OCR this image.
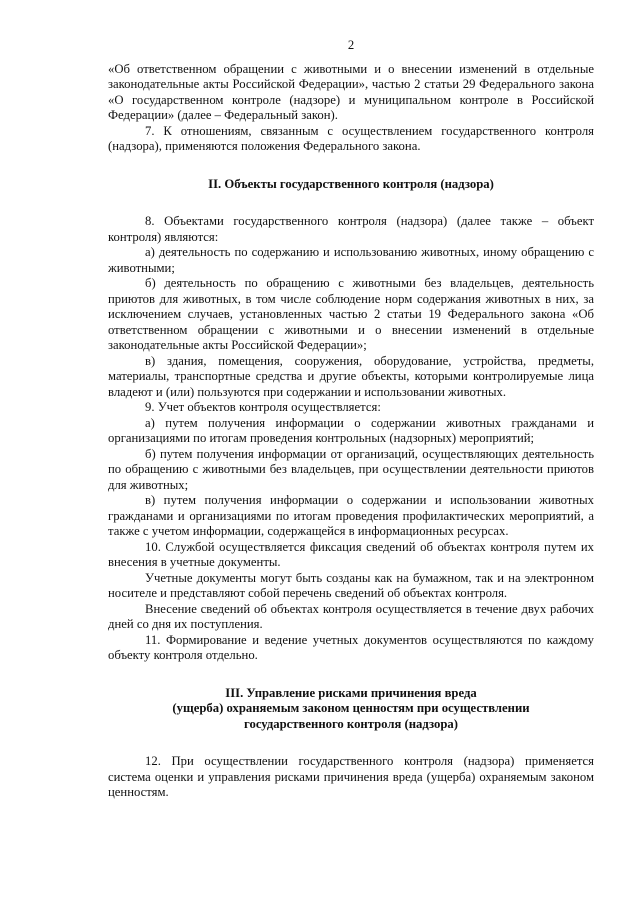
2

«Об ответственном обращении с животными и о внесении изменений в отдельные законодательные акты Российской Федерации», частью 2 статьи 29 Федерального закона «О государственном контроле (надзоре) и муниципальном контроле в Российской Федерации» (далее – Федеральный закон).

7. К отношениям, связанным с осуществлением государственного контроля (надзора), применяются положения Федерального закона.

II. Объекты государственного контроля (надзора)

8. Объектами государственного контроля (надзора) (далее также – объект контроля) являются:

а) деятельность по содержанию и использованию животных, иному обращению с животными;

б) деятельность по обращению с животными без владельцев, деятельность приютов для животных, в том числе соблюдение норм содержания животных в них, за исключением случаев, установленных частью 2 статьи 19 Федерального закона «Об ответственном обращении с животными и о внесении изменений в отдельные законодательные акты Российской Федерации»;

в) здания, помещения, сооружения, оборудование, устройства, предметы, материалы, транспортные средства и другие объекты, которыми контролируемые лица владеют и (или) пользуются при содержании и использовании животных.

9. Учет объектов контроля осуществляется:

а) путем получения информации о содержании животных гражданами и организациями по итогам проведения контрольных (надзорных) мероприятий;

б) путем получения информации от организаций, осуществляющих деятельность по обращению с животными без владельцев, при осуществлении деятельности приютов для животных;

в) путем получения информации о содержании и использовании животных гражданами и организациями по итогам проведения профилактических мероприятий, а также с учетом информации, содержащейся в информационных ресурсах.

10. Службой осуществляется фиксация сведений об объектах контроля путем их внесения в учетные документы.

Учетные документы могут быть созданы как на бумажном, так и на электронном носителе и представляют собой перечень сведений об объектах контроля.

Внесение сведений об объектах контроля осуществляется в течение двух рабочих дней со дня их поступления.

11. Формирование и ведение учетных документов осуществляются по каждому объекту контроля отдельно.

III. Управление рисками причинения вреда
(ущерба) охраняемым законом ценностям при осуществлении
государственного контроля (надзора)

12. При осуществлении государственного контроля (надзора) применяется система оценки и управления рисками причинения вреда (ущерба) охраняемым законом ценностям.
